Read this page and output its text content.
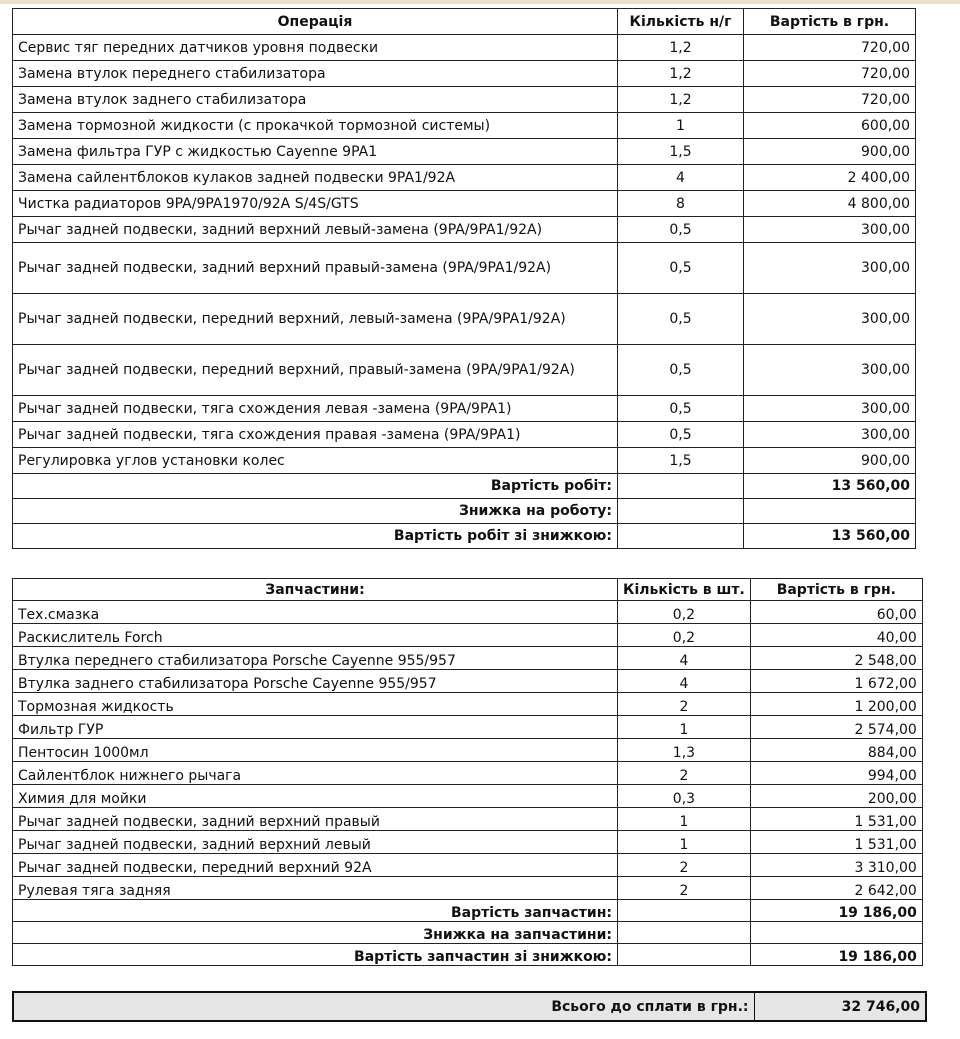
Операція	Кількість н/г	Вартість в грн.
Сервис тяг передних датчиков уровня подвески	1,2	720,00
Замена втулок переднего стабилизатора	1,2	720,00
Замена втулок заднего стабилизатора	1,2	720,00
Замена тормозной жидкости (с прокачкой тормозной системы)	1	600,00
Замена фильтра ГУР с жидкостью Cayenne 9PA1	1,5	900,00
Замена сайлентблоков кулаков задней подвески 9PA1/92A	4	2 400,00
Чистка радиаторов 9PA/9PA1970/92A S/4S/GTS	8	4 800,00
Рычаг задней подвески, задний верхний левый-замена (9PA/9PA1/92A)	0,5	300,00
Рычаг задней подвески, задний верхний правый-замена (9PA/9PA1/92A)	0,5	300,00
Рычаг задней подвески, передний верхний, левый-замена (9PA/9PA1/92A)	0,5	300,00
Рычаг задней подвески, передний верхний, правый-замена (9PA/9PA1/92A)	0,5	300,00
Рычаг задней подвески, тяга схождения левая -замена (9PA/9PA1)	0,5	300,00
Рычаг задней подвески, тяга схождения правая -замена (9PA/9PA1)	0,5	300,00
Регулировка углов установки колес	1,5	900,00
Вартість робіт:		13 560,00
Знижка на роботу:		
Вартість робіт зі знижкою:		13 560,00
Запчастини:	Кількість в шт.	Вартість в грн.
Тех.смазка	0,2	60,00
Раскислитель Forch	0,2	40,00
Втулка переднего стабилизатора Porsche Cayenne 955/957	4	2 548,00
Втулка заднего стабилизатора Porsche Cayenne 955/957	4	1 672,00
Тормозная жидкость	2	1 200,00
Фильтр ГУР	1	2 574,00
Пентосин 1000мл	1,3	884,00
Сайлентблок нижнего рычага	2	994,00
Химия для мойки	0,3	200,00
Рычаг задней подвески, задний верхний правый	1	1 531,00
Рычаг задней подвески, задний верхний левый	1	1 531,00
Рычаг задней подвески, передний верхний 92A	2	3 310,00
Рулевая тяга задняя	2	2 642,00
Вартість запчастин:		19 186,00
Знижка на запчастини:		
Вартість запчастин зі знижкою:		19 186,00
Всього до сплати в грн.:	32 746,00
